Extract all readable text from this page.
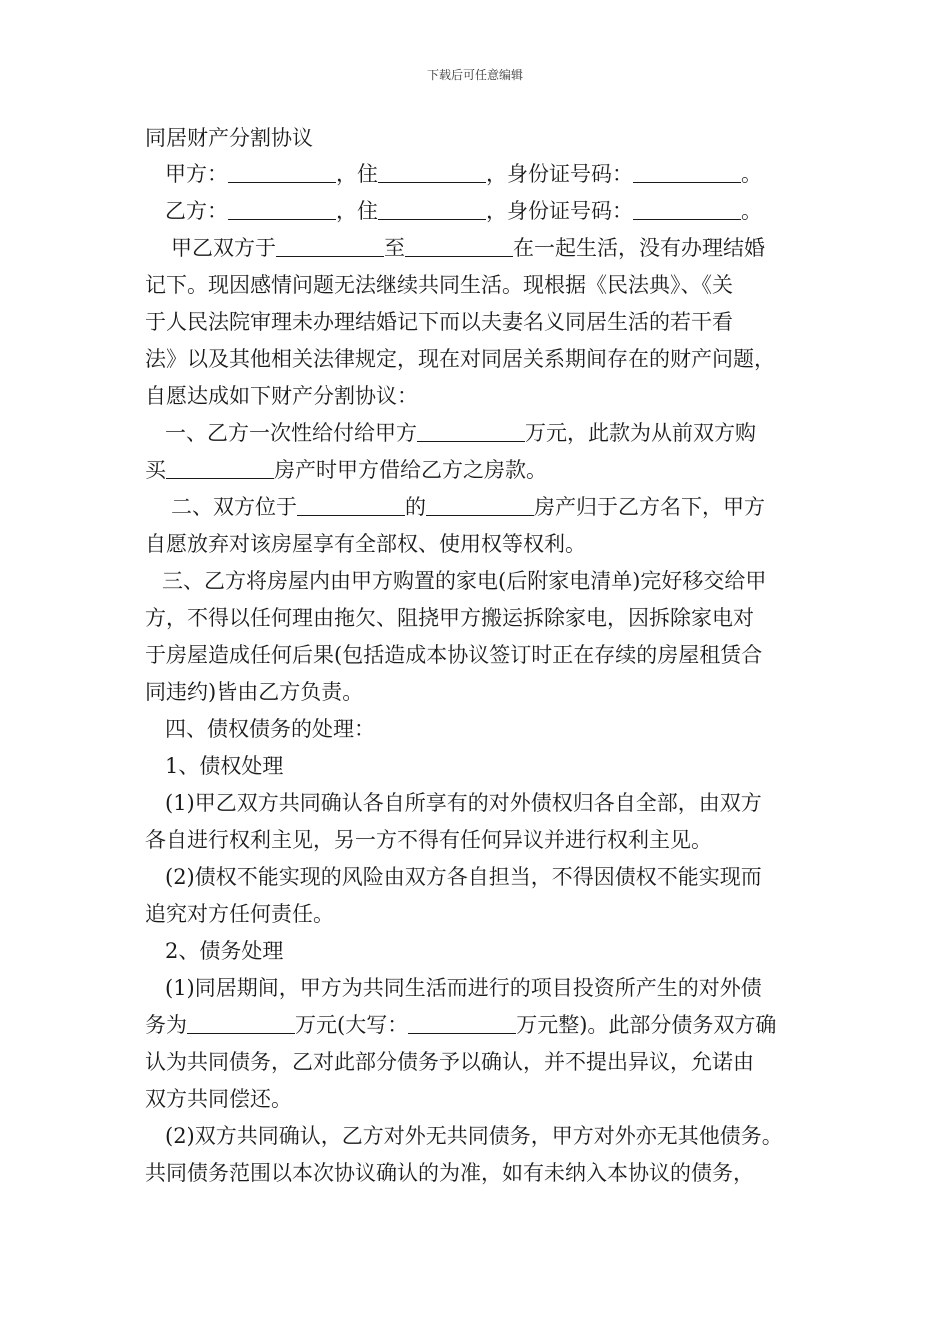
下载后可任意编辑
同居财产分割协议
甲方：	，住	，身份证号码：	。
乙方：	，住	，身份证号码：	。
甲乙双方于	至	在一起生活，没有办理结婚
记下。现因感情问题无法继续共同生活。现根据《民法典》、《关
于人民法院审理未办理结婚记下而以夫妻名义同居生活的若干看
法》以及其他相关法律规定，现在对同居关系期间存在的财产问题，
自愿达成如下财产分割协议：
一、乙方一次性给付给甲方	万元，此款为从前双方购
买	房产时甲方借给乙方之房款。
二、双方位于	的	房产归于乙方名下，甲方
自愿放弃对该房屋享有全部权、使用权等权利。
三、乙方将房屋内由甲方购置的家电(后附家电清单)完好移交给甲
方，不得以任何理由拖欠、阻挠甲方搬运拆除家电，因拆除家电对
于房屋造成任何后果(包括造成本协议签订时正在存续的房屋租赁合
同违约)皆由乙方负责。
四、债权债务的处理：
1、债权处理
(1)甲乙双方共同确认各自所享有的对外债权归各自全部，由双方
各自进行权利主见，另一方不得有任何异议并进行权利主见。
(2)债权不能实现的风险由双方各自担当，不得因债权不能实现而
追究对方任何责任。
2、债务处理
(1)同居期间，甲方为共同生活而进行的项目投资所产生的对外债
务为	万元(大写：	万元整)。此部分债务双方确
认为共同债务，乙对此部分债务予以确认，并不提出异议，允诺由
双方共同偿还。
(2)双方共同确认，乙方对外无共同债务，甲方对外亦无其他债务。
共同债务范围以本次协议确认的为准，如有未纳入本协议的债务，
